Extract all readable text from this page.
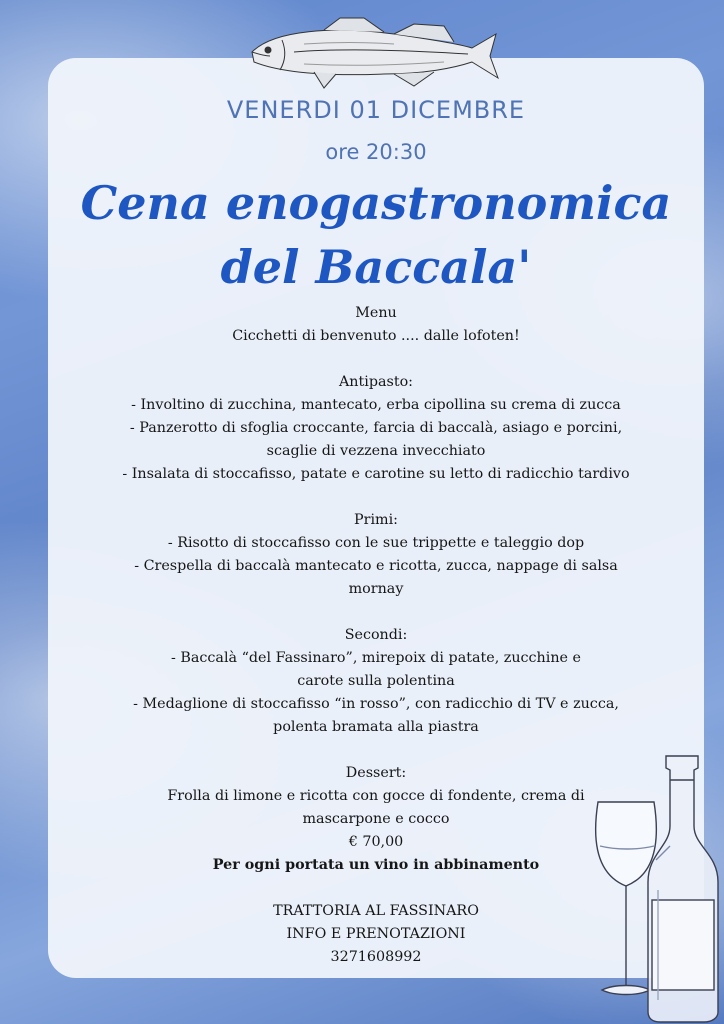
VENERDI 01 DICEMBRE
ore 20:30
Cena enogastronomica
del Baccala'
Menu
Cicchetti di benvenuto .... dalle lofoten!
Antipasto:
- Involtino di zucchina, mantecato, erba cipollina su crema di zucca
- Panzerotto di sfoglia croccante, farcia di baccalà, asiago e porcini,
scaglie di vezzena invecchiato
- Insalata di stoccafisso, patate e carotine su letto di radicchio tardivo
Primi:
- Risotto di stoccafisso con le sue trippette e taleggio dop
- Crespella di baccalà mantecato e ricotta, zucca, nappage di salsa
mornay
Secondi:
- Baccalà “del Fassinaro”, mirepoix di patate, zucchine e
carote sulla polentina
- Medaglione di stoccafisso “in rosso”, con radicchio di TV e zucca,
polenta bramata alla piastra
Dessert:
Frolla di limone e ricotta con gocce di fondente, crema di
mascarpone e cocco
€ 70,00
Per ogni portata un vino in abbinamento
TRATTORIA AL FASSINARO
INFO E PRENOTAZIONI
3271608992
